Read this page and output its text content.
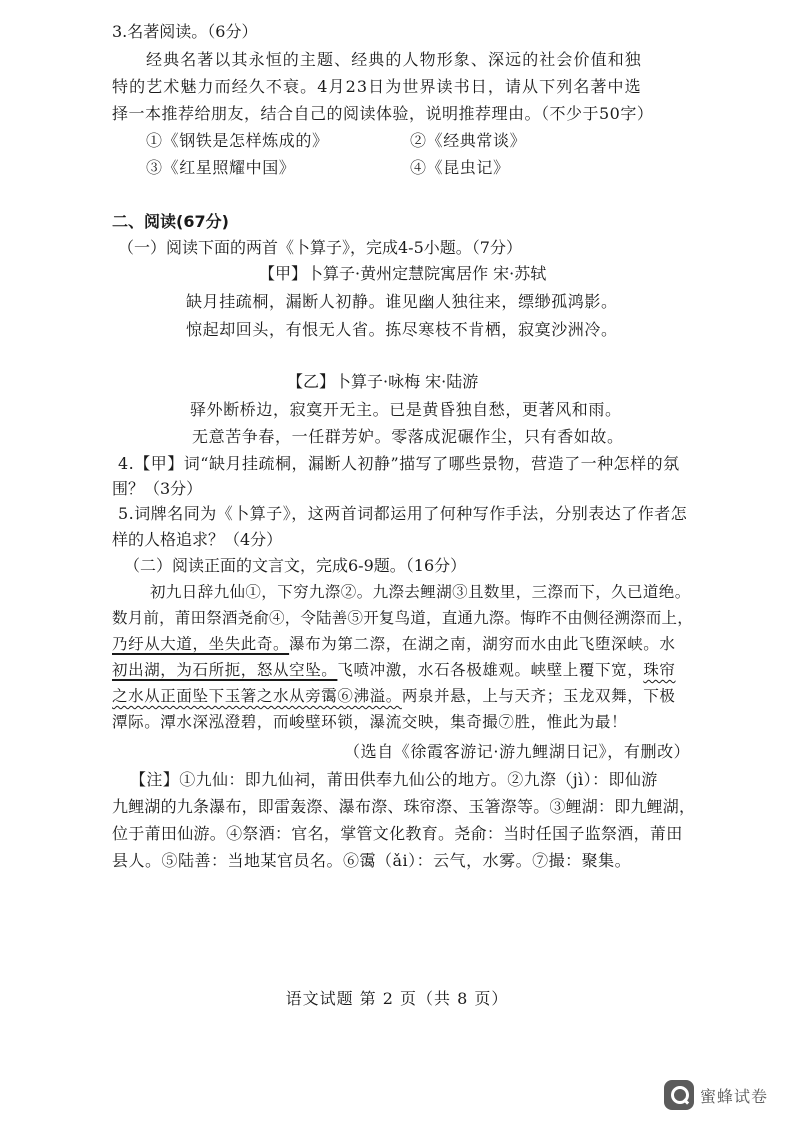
3.名著阅读。（6分）
经典名著以其永恒的主题、经典的人物形象、深远的社会价值和独
特的艺术魅力而经久不衰。4月23日为世界读书日，请从下列名著中选
择一本推荐给朋友，结合自己的阅读体验，说明推荐理由。（不少于50字）
①《钢铁是怎样炼成的》	②《经典常谈》
③《红星照耀中国》	④《昆虫记》
二、阅读(67分)
（一）阅读下面的两首《卜算子》，完成4-5小题。（7分）
【甲】卜算子·黄州定慧院寓居作 宋·苏轼
缺月挂疏桐，漏断人初静。谁见幽人独往来，缥缈孤鸿影。
惊起却回头，有恨无人省。拣尽寒枝不肯栖，寂寞沙洲冷。
【乙】卜算子·咏梅 宋·陆游
驿外断桥边，寂寞开无主。已是黄昏独自愁，更著风和雨。
无意苦争春，一任群芳妒。零落成泥碾作尘，只有香如故。
4.【甲】词“缺月挂疏桐，漏断人初静”描写了哪些景物，营造了一种怎样的氛
围？（3分）
5.词牌名同为《卜算子》，这两首词都运用了何种写作手法，分别表达了作者怎
样的人格追求？（4分）
（二）阅读正面的文言文，完成6-9题。（16分）
初九日辞九仙①，下穷九漈②。九漈去鲤湖③且数里，三漈而下，久已道绝。
数月前，莆田祭酒尧俞④，令陆善⑤开复鸟道，直通九漈。悔昨不由侧径溯漈而上，
乃纡从大道，坐失此奇。瀑布为第二漈，在湖之南，湖穷而水由此飞堕深峡。水
初出湖，为石所扼，怒从空坠。飞喷冲激，水石各极雄观。峡壁上覆下宽，珠帘
之水从正面坠下玉箸之水从旁霭⑥沸溢。两泉并悬，上与天齐；玉龙双舞，下极
潭际。潭水深泓澄碧，而峻壁环锁，瀑流交映，集奇撮⑦胜，惟此为最！
（选自《徐霞客游记·游九鲤湖日记》，有删改）
【注】①九仙：即九仙祠，莆田供奉九仙公的地方。②九漈（jì）：即仙游
九鲤湖的九条瀑布，即雷轰漈、瀑布漈、珠帘漈、玉箸漈等。③鲤湖：即九鲤湖，
位于莆田仙游。④祭酒：官名，掌管文化教育。尧俞：当时任国子监祭酒，莆田
县人。⑤陆善：当地某官员名。⑥霭（ǎi）：云气，水雾。⑦撮：聚集。
语文试题 第 2 页（共 8 页）
蜜蜂试卷
